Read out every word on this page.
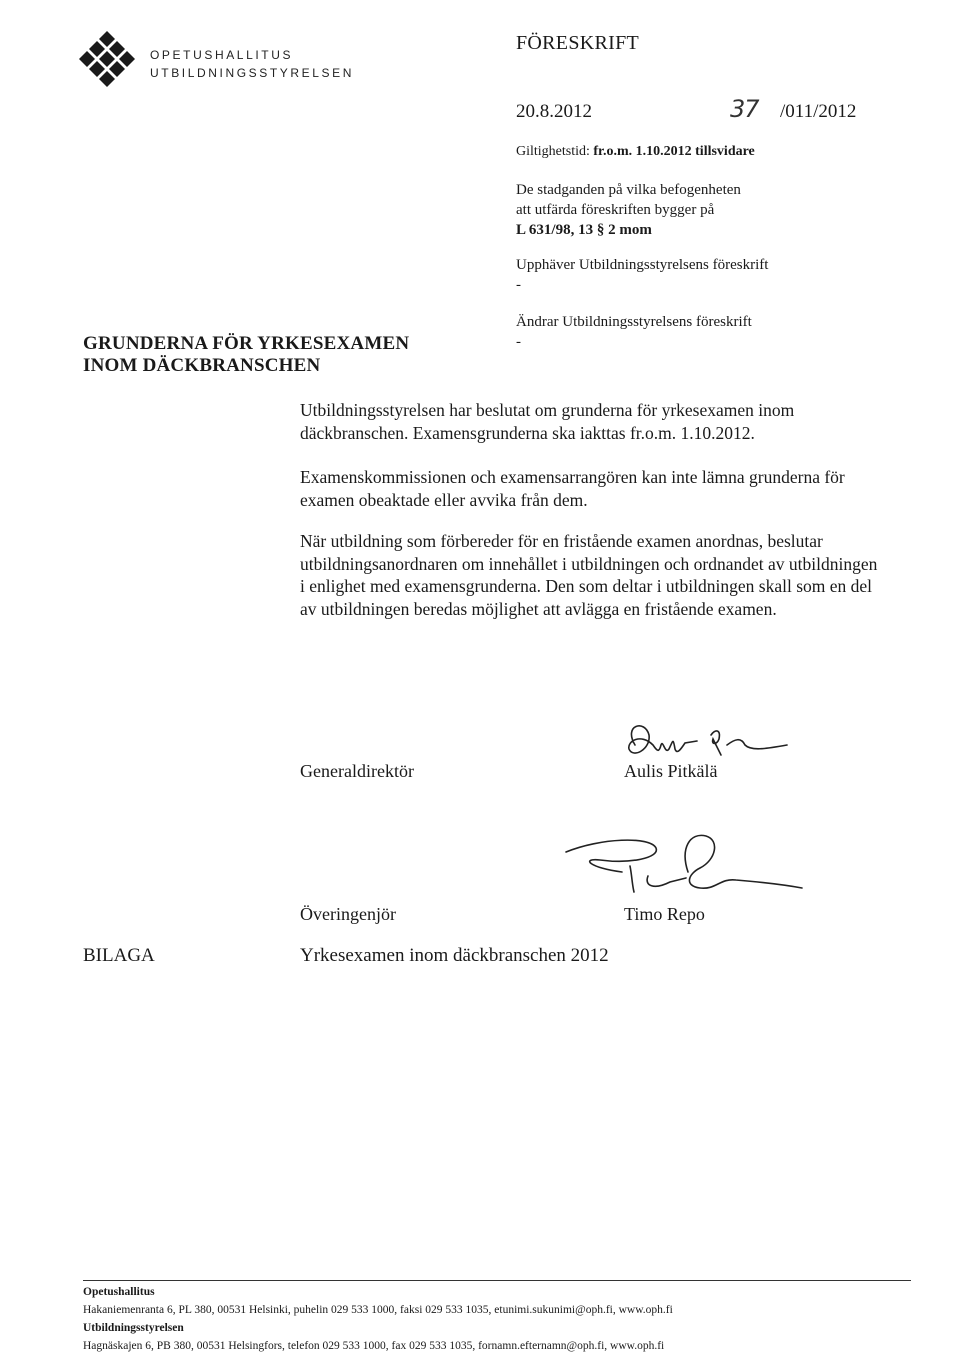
OPETUSHALLITUS
UTBILDNINGSSTYRELSEN
FÖRESKRIFT
20.8.2012	37 /011/2012
Giltighetstid: fr.o.m. 1.10.2012 tillsvidare
De stadganden på vilka befogenheten
att utfärda föreskriften bygger på
L 631/98, 13 § 2 mom
Upphäver Utbildningsstyrelsens föreskrift
-
Ändrar Utbildningsstyrelsens föreskrift
-
GRUNDERNA FÖR YRKESEXAMEN
INOM DÄCKBRANSCHEN
Utbildningsstyrelsen har beslutat om grunderna för yrkesexamen inom däckbranschen. Examensgrunderna ska iakttas fr.o.m. 1.10.2012.
Examenskommissionen och examensarrangören kan inte lämna grunderna för examen obeaktade eller avvika från dem.
När utbildning som förbereder för en fristående examen anordnas, beslutar utbildningsanordnaren om innehållet i utbildningen och ordnandet av utbildningen i enlighet med examensgrunderna. Den som deltar i utbildningen skall som en del av utbildningen beredas möjlighet att avlägga en fristående examen.
Generaldirektör	Aulis Pitkälä
Överingenjör	Timo Repo
BILAGA	Yrkesexamen inom däckbranschen 2012
Opetushallitus
Hakaniemenranta 6, PL 380, 00531 Helsinki, puhelin 029 533 1000, faksi 029 533 1035, etunimi.sukunimi@oph.fi, www.oph.fi
Utbildningsstyrelsen
Hagnäskajen 6, PB 380, 00531 Helsingfors, telefon 029 533 1000, fax 029 533 1035, fornamn.efternamn@oph.fi, www.oph.fi
